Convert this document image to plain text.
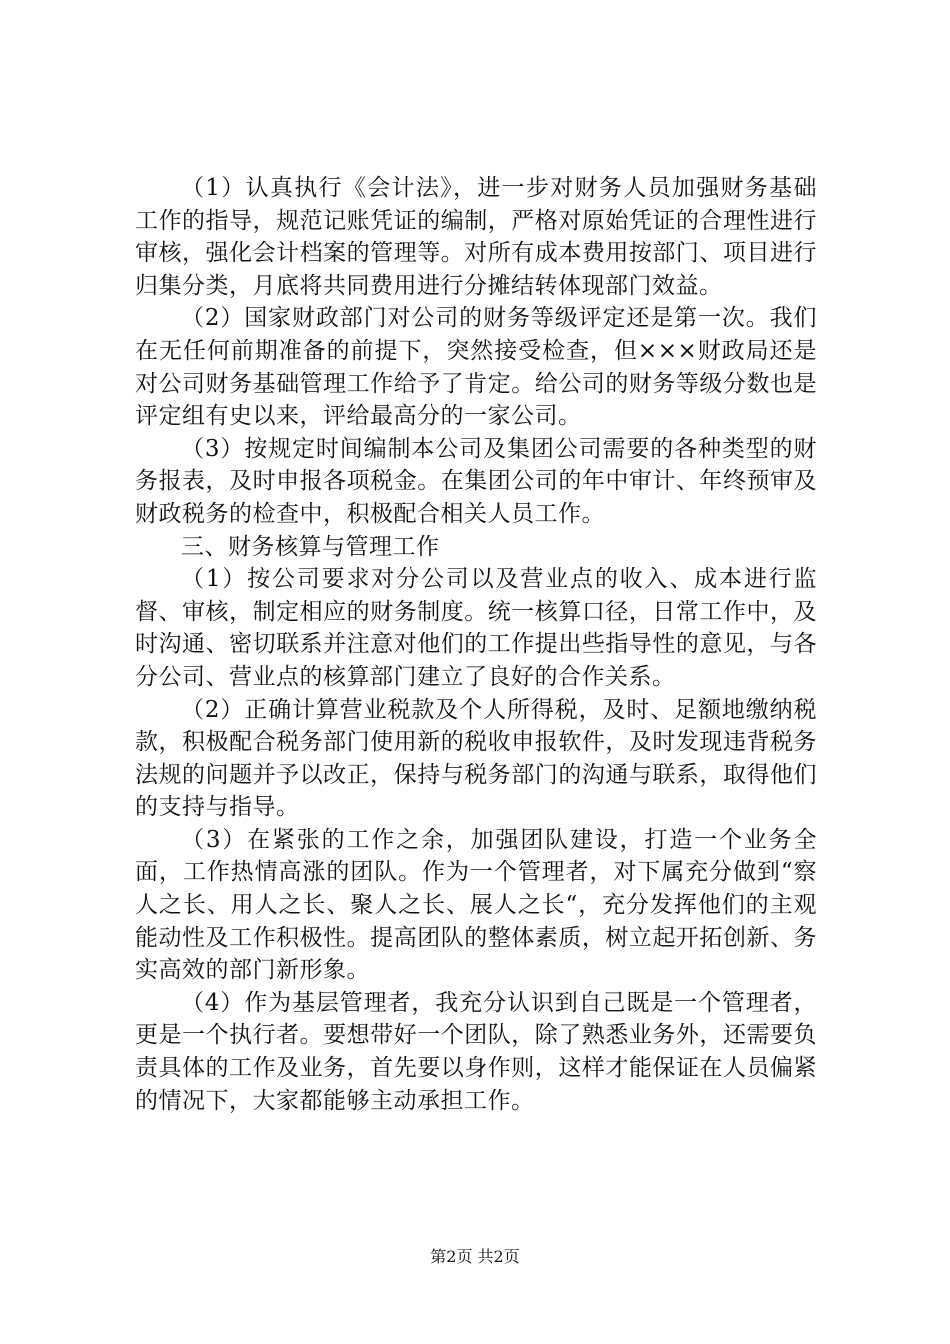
（1）认真执行《会计法》，进一步对财务人员加强财务基础工作的指导，规范记账凭证的编制，严格对原始凭证的合理性进行审核，强化会计档案的管理等。对所有成本费用按部门、项目进行归集分类，月底将共同费用进行分摊结转体现部门效益。

（2）国家财政部门对公司的财务等级评定还是第一次。我们在无任何前期准备的前提下，突然接受检查，但×××财政局还是对公司财务基础管理工作给予了肯定。给公司的财务等级分数也是评定组有史以来，评给最高分的一家公司。

（3）按规定时间编制本公司及集团公司需要的各种类型的财务报表，及时申报各项税金。在集团公司的年中审计、年终预审及财政税务的检查中，积极配合相关人员工作。

三、财务核算与管理工作

（1）按公司要求对分公司以及营业点的收入、成本进行监督、审核，制定相应的财务制度。统一核算口径，日常工作中，及时沟通、密切联系并注意对他们的工作提出些指导性的意见，与各分公司、营业点的核算部门建立了良好的合作关系。

（2）正确计算营业税款及个人所得税，及时、足额地缴纳税款，积极配合税务部门使用新的税收申报软件，及时发现违背税务法规的问题并予以改正，保持与税务部门的沟通与联系，取得他们的支持与指导。

（3）在紧张的工作之余，加强团队建设，打造一个业务全面，工作热情高涨的团队。作为一个管理者，对下属充分做到“察人之长、用人之长、聚人之长、展人之长“，充分发挥他们的主观能动性及工作积极性。提高团队的整体素质，树立起开拓创新、务实高效的部门新形象。

（4）作为基层管理者，我充分认识到自己既是一个管理者，更是一个执行者。要想带好一个团队，除了熟悉业务外，还需要负责具体的工作及业务，首先要以身作则，这样才能保证在人员偏紧的情况下，大家都能够主动承担工作。

第2页 共2页
